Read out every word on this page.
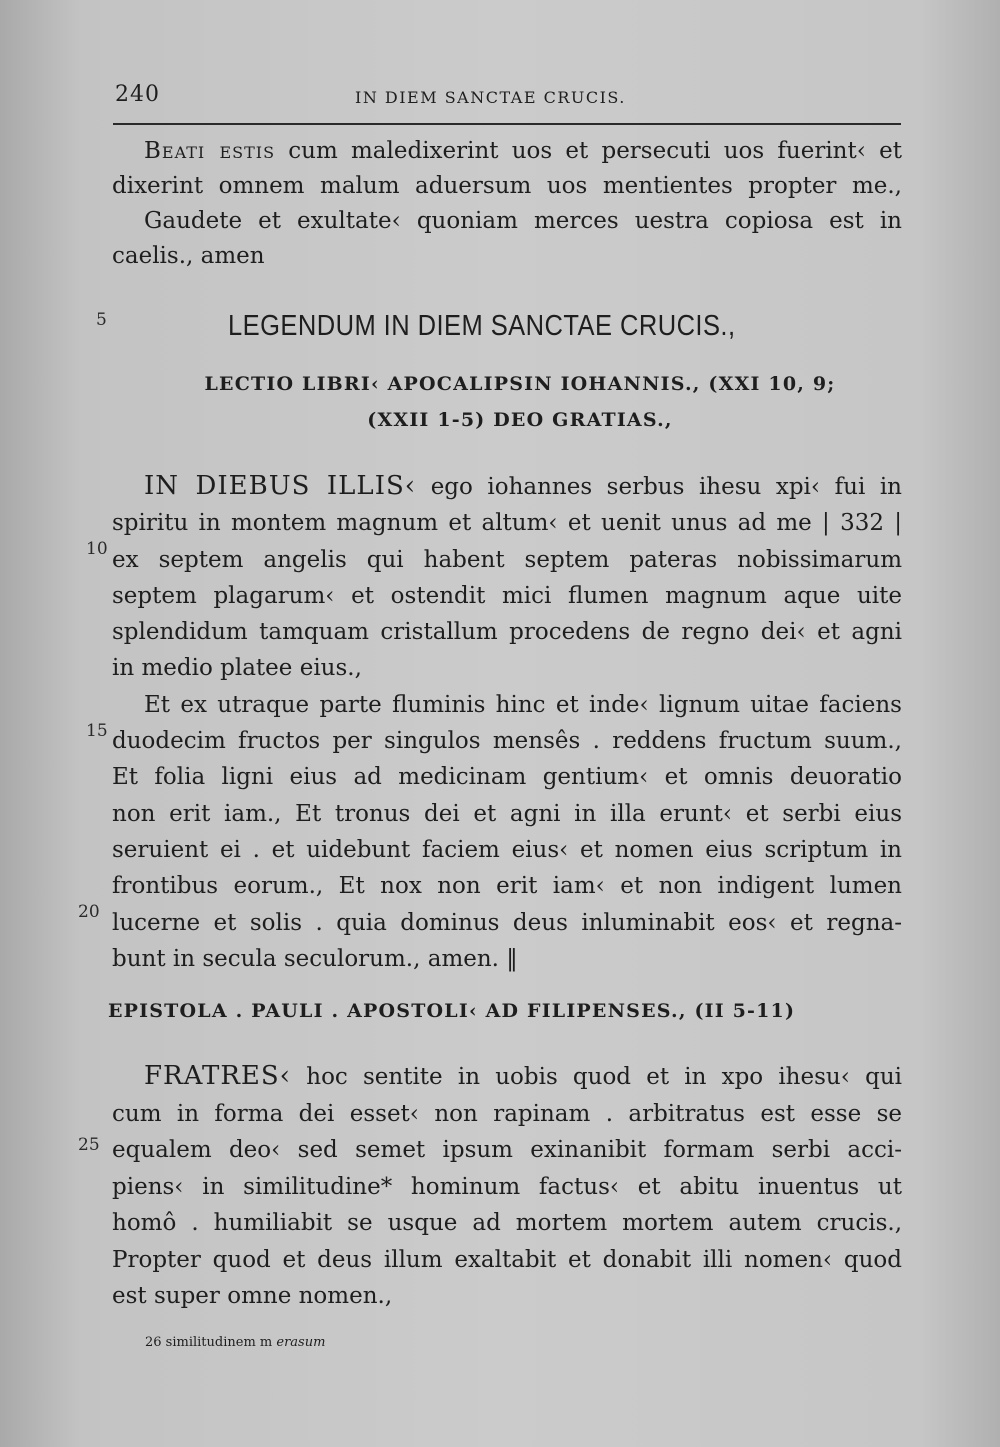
240	IN DIEM SANCTAE CRUCIS.

Beati estis cum maledixerint uos et persecuti uos fuerint‹ et

dixerint omnem malum aduersum uos mentientes propter me.,

Gaudete et exultate‹ quoniam merces uestra copiosa est in

caelis., amen

5	LEGENDUM IN DIEM SANCTAE CRUCIS.,
LECTIO LIBRI‹ APOCALIPSIN IOHANNIS., (XXI 10, 9;
(XXII 1-5) DEO GRATIAS.,

IN DIEBUS ILLIS‹ ego iohannes serbus ihesu xpi‹ fui in

spiritu in montem magnum et altum‹ et uenit unus ad me | 332 |

ex septem angelis qui habent septem pateras nobissimarum

septem plagarum‹ et ostendit mici flumen magnum aque uite

splendidum tamquam cristallum procedens de regno dei‹ et agni

in medio platee eius.,

Et ex utraque parte fluminis hinc et inde‹ lignum uitae faciens

duodecim fructos per singulos mensês . reddens fructum suum.,

Et folia ligni eius ad medicinam gentium‹ et omnis deuoratio

non erit iam., Et tronus dei et agni in illa erunt‹ et serbi eius

seruient ei . et uidebunt faciem eius‹ et nomen eius scriptum in

frontibus eorum., Et nox non erit iam‹ et non indigent lumen

lucerne et solis . quia dominus deus inluminabit eos‹ et regna-

bunt in secula seculorum., amen. ‖

10
15
20
EPISTOLA . PAULI . APOSTOLI‹ AD FILIPENSES., (II 5-11)

FRATRES‹ hoc sentite in uobis quod et in xpo ihesu‹ qui

cum in forma dei esset‹ non rapinam . arbitratus est esse se

equalem deo‹ sed semet ipsum exinanibit formam serbi acci-

piens‹ in similitudine* hominum factus‹ et abitu inuentus ut

homô . humiliabit se usque ad mortem mortem autem crucis.,

Propter quod et deus illum exaltabit et donabit illi nomen‹ quod

est super omne nomen.,

25
26 similitudinem m erasum
